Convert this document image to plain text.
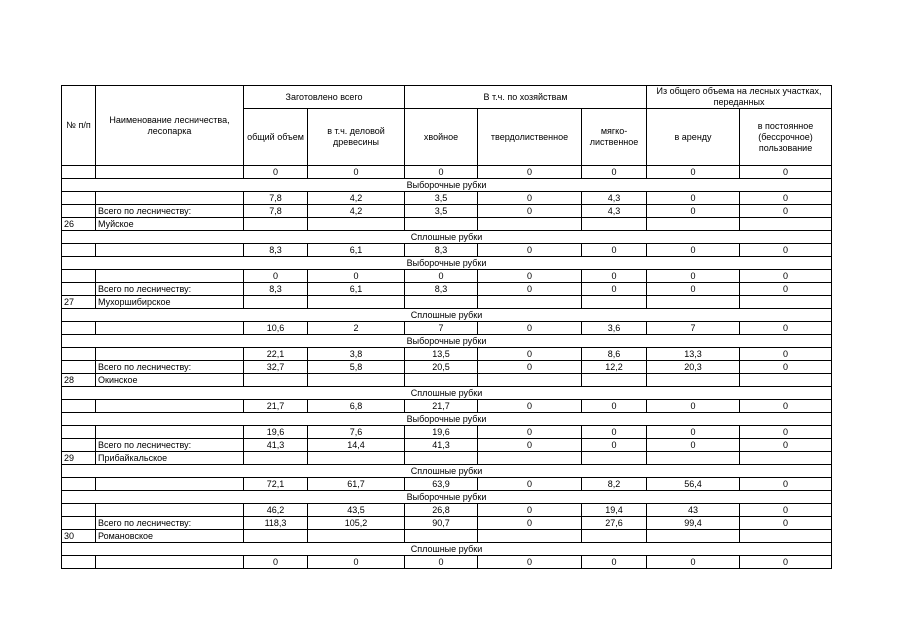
№ п/п	Наименование лесничества, лесопарка	Заготовлено всего		В т.ч. по хозяйствам			Из общего объема на лесных участках, переданных	
		общий объем	в т.ч. деловой древесины	хвойное	твердолиственное	мягко-лиственное	в аренду	в постоянное (бессрочное) пользование
		0	0	0	0	0	0	0
Выборочные рубки								
		7,8	4,2	3,5	0	4,3	0	0
	Всего по лесничеству:	7,8	4,2	3,5	0	4,3	0	0
26	Муйское							
Сплошные рубки								
		8,3	6,1	8,3	0	0	0	0
Выборочные рубки								
		0	0	0	0	0	0	0
	Всего по лесничеству:	8,3	6,1	8,3	0	0	0	0
27	Мухоршибирское							
Сплошные рубки								
		10,6	2	7	0	3,6	7	0
Выборочные рубки								
		22,1	3,8	13,5	0	8,6	13,3	0
	Всего по лесничеству:	32,7	5,8	20,5	0	12,2	20,3	0
28	Окинское							
Сплошные рубки								
		21,7	6,8	21,7	0	0	0	0
Выборочные рубки								
		19,6	7,6	19,6	0	0	0	0
	Всего по лесничеству:	41,3	14,4	41,3	0	0	0	0
29	Прибайкальское							
Сплошные рубки								
		72,1	61,7	63,9	0	8,2	56,4	0
Выборочные рубки								
		46,2	43,5	26,8	0	19,4	43	0
	Всего по лесничеству:	118,3	105,2	90,7	0	27,6	99,4	0
30	Романовское							
Сплошные рубки								
		0	0	0	0	0	0	0
